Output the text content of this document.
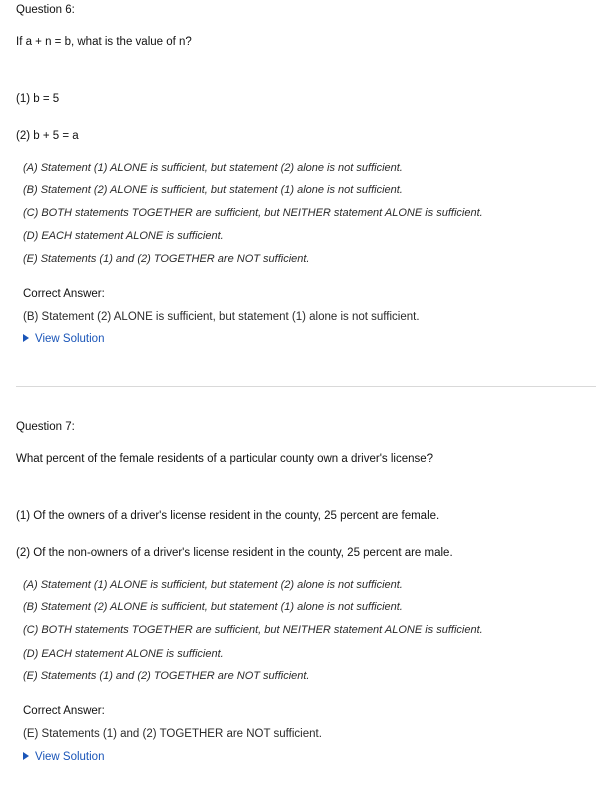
Question 6:
If a + n = b, what is the value of n?
(1) b = 5
(2) b + 5 = a
(A) Statement (1) ALONE is sufficient, but statement (2) alone is not sufficient.
(B) Statement (2) ALONE is sufficient, but statement (1) alone is not sufficient.
(C) BOTH statements TOGETHER are sufficient, but NEITHER statement ALONE is sufficient.
(D) EACH statement ALONE is sufficient.
(E) Statements (1) and (2) TOGETHER are NOT sufficient.
Correct Answer:
(B) Statement (2) ALONE is sufficient, but statement (1) alone is not sufficient.
View Solution
Question 7:
What percent of the female residents of a particular county own a driver's license?
(1) Of the owners of a driver's license resident in the county, 25 percent are female.
(2) Of the non-owners of a driver's license resident in the county, 25 percent are male.
(A) Statement (1) ALONE is sufficient, but statement (2) alone is not sufficient.
(B) Statement (2) ALONE is sufficient, but statement (1) alone is not sufficient.
(C) BOTH statements TOGETHER are sufficient, but NEITHER statement ALONE is sufficient.
(D) EACH statement ALONE is sufficient.
(E) Statements (1) and (2) TOGETHER are NOT sufficient.
Correct Answer:
(E) Statements (1) and (2) TOGETHER are NOT sufficient.
View Solution
